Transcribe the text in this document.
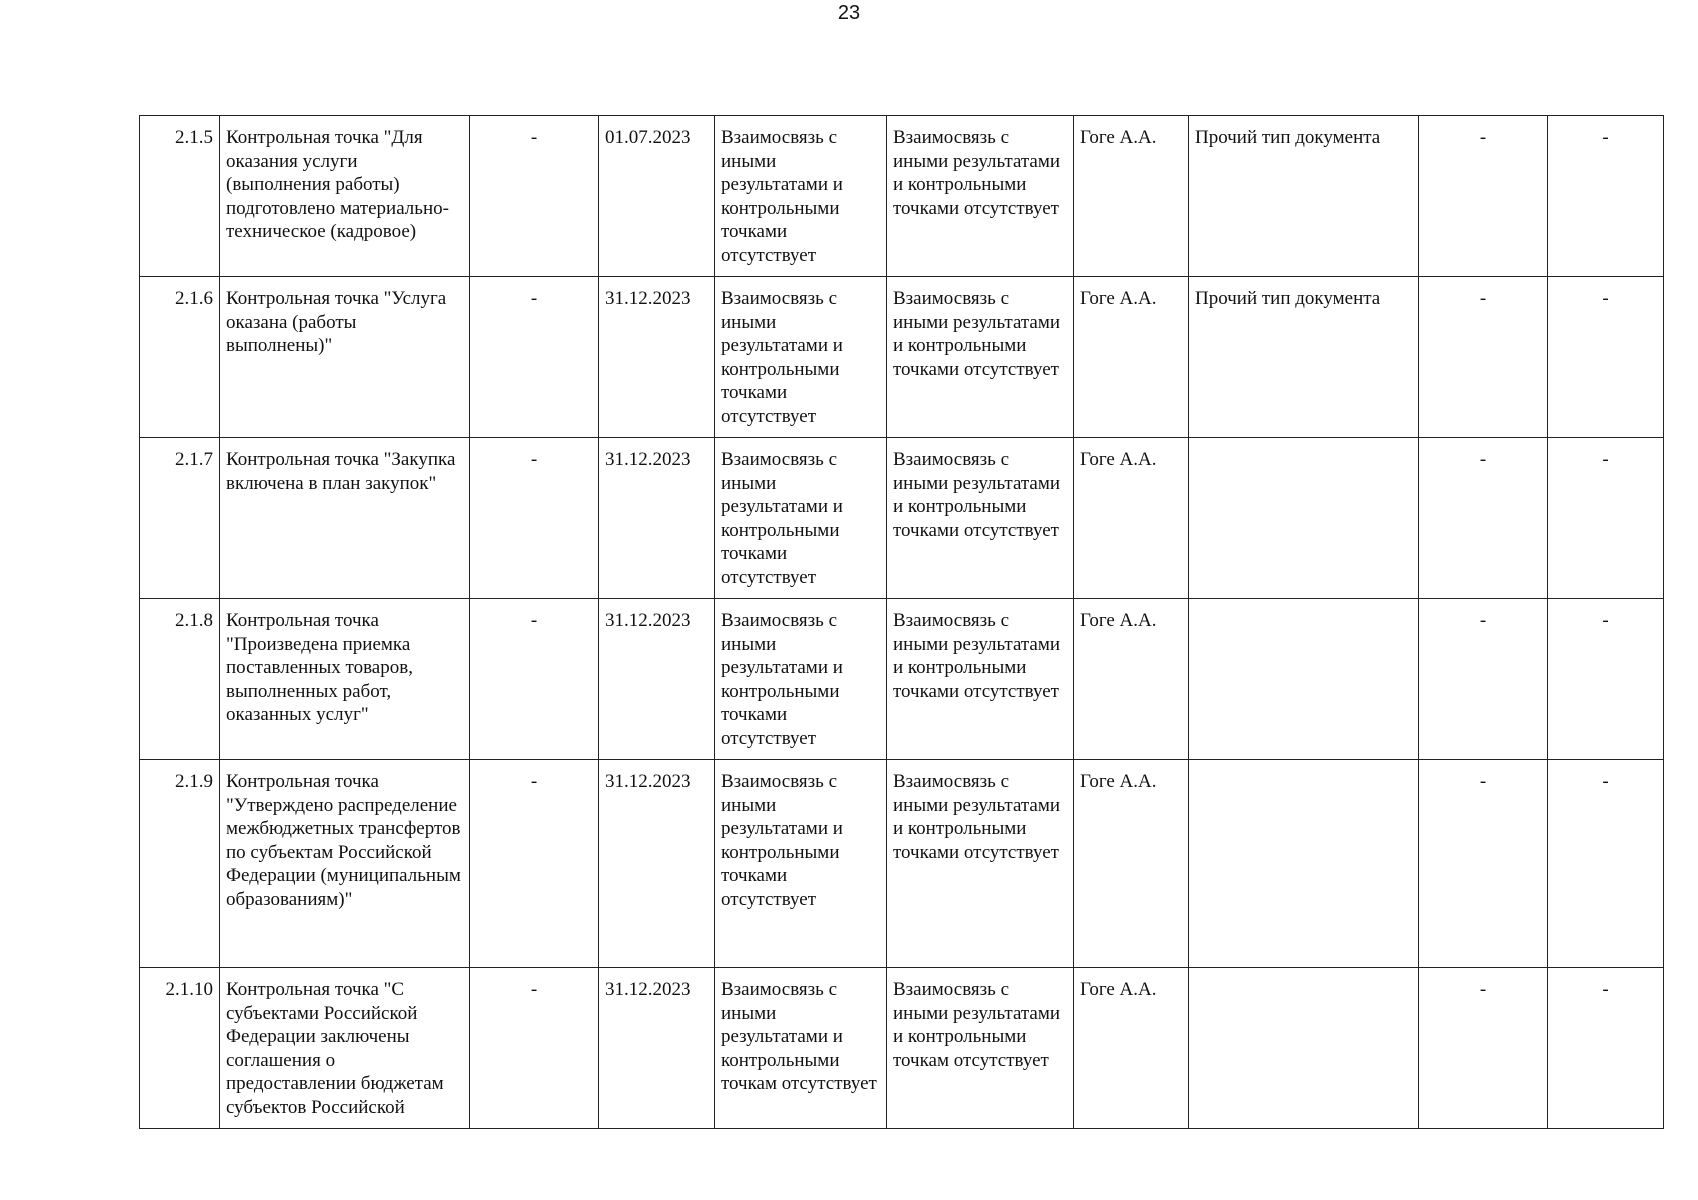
23
2.1.5	Контрольная точка "Для оказания услуги (выполнения работы) подготовлено материально-техническое (кадровое)	-	01.07.2023	Взаимосвязь с иными результатами и контрольными точками отсутствует	Взаимосвязь с иными результатами и контрольными точками отсутствует	Гоге А.А.	Прочий тип документа	-	-
2.1.6	Контрольная точка "Услуга оказана (работы выполнены)"	-	31.12.2023	Взаимосвязь с иными результатами и контрольными точками отсутствует	Взаимосвязь с иными результатами и контрольными точками отсутствует	Гоге А.А.	Прочий тип документа	-	-
2.1.7	Контрольная точка "Закупка включена в план закупок"	-	31.12.2023	Взаимосвязь с иными результатами и контрольными точками отсутствует	Взаимосвязь с иными результатами и контрольными точками отсутствует	Гоге А.А.		-	-
2.1.8	Контрольная точка "Произведена приемка поставленных товаров, выполненных работ, оказанных услуг"	-	31.12.2023	Взаимосвязь с иными результатами и контрольными точками отсутствует	Взаимосвязь с иными результатами и контрольными точками отсутствует	Гоге А.А.		-	-
2.1.9	Контрольная точка "Утверждено распределение межбюджетных трансфертов по субъектам Российской Федерации (муниципальным образованиям)"	-	31.12.2023	Взаимосвязь с иными результатами и контрольными точками отсутствует	Взаимосвязь с иными результатами и контрольными точками отсутствует	Гоге А.А.		-	-
2.1.10	Контрольная точка "С субъектами Российской Федерации заключены соглашения о предоставлении бюджетам субъектов Российской	-	31.12.2023	Взаимосвязь с иными результатами и контрольными точкам отсутствует	Взаимосвязь с иными результатами и контрольными точкам отсутствует	Гоге А.А.		-	-
